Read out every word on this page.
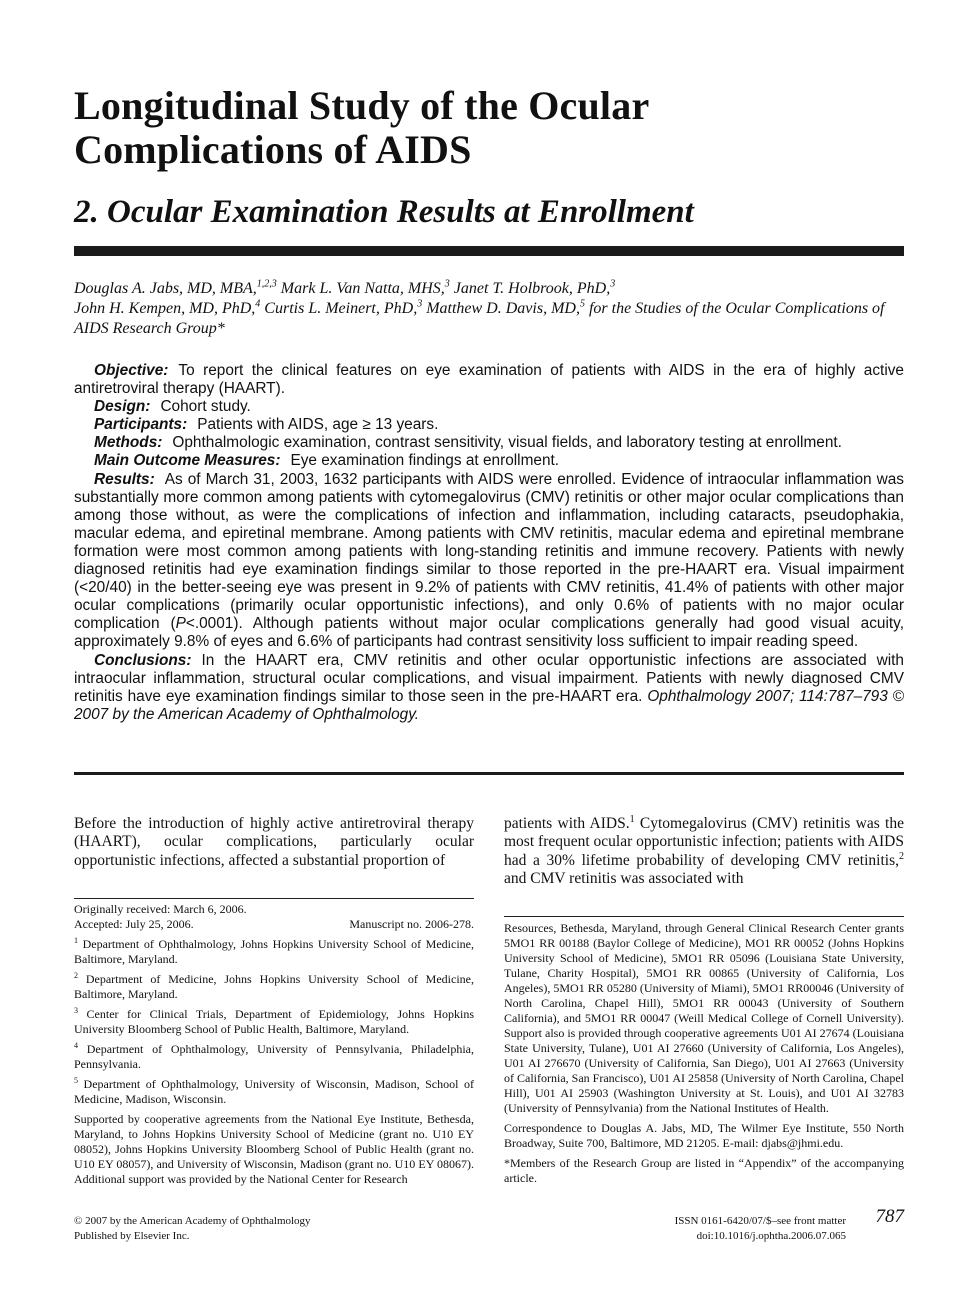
Longitudinal Study of the Ocular Complications of AIDS
2. Ocular Examination Results at Enrollment
Douglas A. Jabs, MD, MBA,$^{1,2,3}$ Mark L. Van Natta, MHS,$^3$ Janet T. Holbrook, PhD,$^3$
John H. Kempen, MD, PhD,$^4$ Curtis L. Meinert, PhD,$^3$ Matthew D. Davis, MD,$^5$ for the Studies of the Ocular Complications of AIDS Research Group*

Objective: To report the clinical features on eye examination of patients with AIDS in the era of highly active antiretroviral therapy (HAART).

Design: Cohort study.

Participants: Patients with AIDS, age ≥ 13 years.

Methods: Ophthalmologic examination, contrast sensitivity, visual fields, and laboratory testing at enrollment.

Main Outcome Measures: Eye examination findings at enrollment.

Results: As of March 31, 2003, 1632 participants with AIDS were enrolled. Evidence of intraocular inflammation was substantially more common among patients with cytomegalovirus (CMV) retinitis or other major ocular complications than among those without, as were the complications of infection and inflammation, including cataracts, pseudophakia, macular edema, and epiretinal membrane. Among patients with CMV retinitis, macular edema and epiretinal membrane formation were most common among patients with long-standing retinitis and immune recovery. Patients with newly diagnosed retinitis had eye examination findings similar to those reported in the pre-HAART era. Visual impairment (<20/40) in the better-seeing eye was present in 9.2% of patients with CMV retinitis, 41.4% of patients with other major ocular complications (primarily ocular opportunistic infections), and only 0.6% of patients with no major ocular complication (P<.0001). Although patients without major ocular complications generally had good visual acuity, approximately 9.8% of eyes and 6.6% of participants had contrast sensitivity loss sufficient to impair reading speed.

Conclusions: In the HAART era, CMV retinitis and other ocular opportunistic infections are associated with intraocular inflammation, structural ocular complications, and visual impairment. Patients with newly diagnosed CMV retinitis have eye examination findings similar to those seen in the pre-HAART era. Ophthalmology 2007; 114:787–793 © 2007 by the American Academy of Ophthalmology.

Before the introduction of highly active antiretroviral therapy (HAART), ocular complications, particularly ocular opportunistic infections, affected a substantial proportion of

patients with AIDS.$^1$ Cytomegalovirus (CMV) retinitis was the most frequent ocular opportunistic infection; patients with AIDS had a 30% lifetime probability of developing CMV retinitis,$^2$ and CMV retinitis was associated with

Originally received: March 6, 2006.

Accepted: July 25, 2006.	Manuscript no. 2006-278.

$^1$ Department of Ophthalmology, Johns Hopkins University School of Medicine, Baltimore, Maryland.

$^2$ Department of Medicine, Johns Hopkins University School of Medicine, Baltimore, Maryland.

$^3$ Center for Clinical Trials, Department of Epidemiology, Johns Hopkins University Bloomberg School of Public Health, Baltimore, Maryland.

$^4$ Department of Ophthalmology, University of Pennsylvania, Philadelphia, Pennsylvania.

$^5$ Department of Ophthalmology, University of Wisconsin, Madison, School of Medicine, Madison, Wisconsin.

Supported by cooperative agreements from the National Eye Institute, Bethesda, Maryland, to Johns Hopkins University School of Medicine (grant no. U10 EY 08052), Johns Hopkins University Bloomberg School of Public Health (grant no. U10 EY 08057), and University of Wisconsin, Madison (grant no. U10 EY 08067). Additional support was provided by the National Center for Research

Resources, Bethesda, Maryland, through General Clinical Research Center grants 5MO1 RR 00188 (Baylor College of Medicine), MO1 RR 00052 (Johns Hopkins University School of Medicine), 5MO1 RR 05096 (Louisiana State University, Tulane, Charity Hospital), 5MO1 RR 00865 (University of California, Los Angeles), 5MO1 RR 05280 (University of Miami), 5MO1 RR00046 (University of North Carolina, Chapel Hill), 5MO1 RR 00043 (University of Southern California), and 5MO1 RR 00047 (Weill Medical College of Cornell University). Support also is provided through cooperative agreements U01 AI 27674 (Louisiana State University, Tulane), U01 AI 27660 (University of California, Los Angeles), U01 AI 276670 (University of California, San Diego), U01 AI 27663 (University of California, San Francisco), U01 AI 25858 (University of North Carolina, Chapel Hill), U01 AI 25903 (Washington University at St. Louis), and U01 AI 32783 (University of Pennsylvania) from the National Institutes of Health.

Correspondence to Douglas A. Jabs, MD, The Wilmer Eye Institute, 550 North Broadway, Suite 700, Baltimore, MD 21205. E-mail: djabs@jhmi.edu.

*Members of the Research Group are listed in “Appendix” of the accompanying article.

© 2007 by the American Academy of Ophthalmology
Published by Elsevier Inc.
ISSN 0161-6420/07/$–see front matter
doi:10.1016/j.ophtha.2006.07.065
787
